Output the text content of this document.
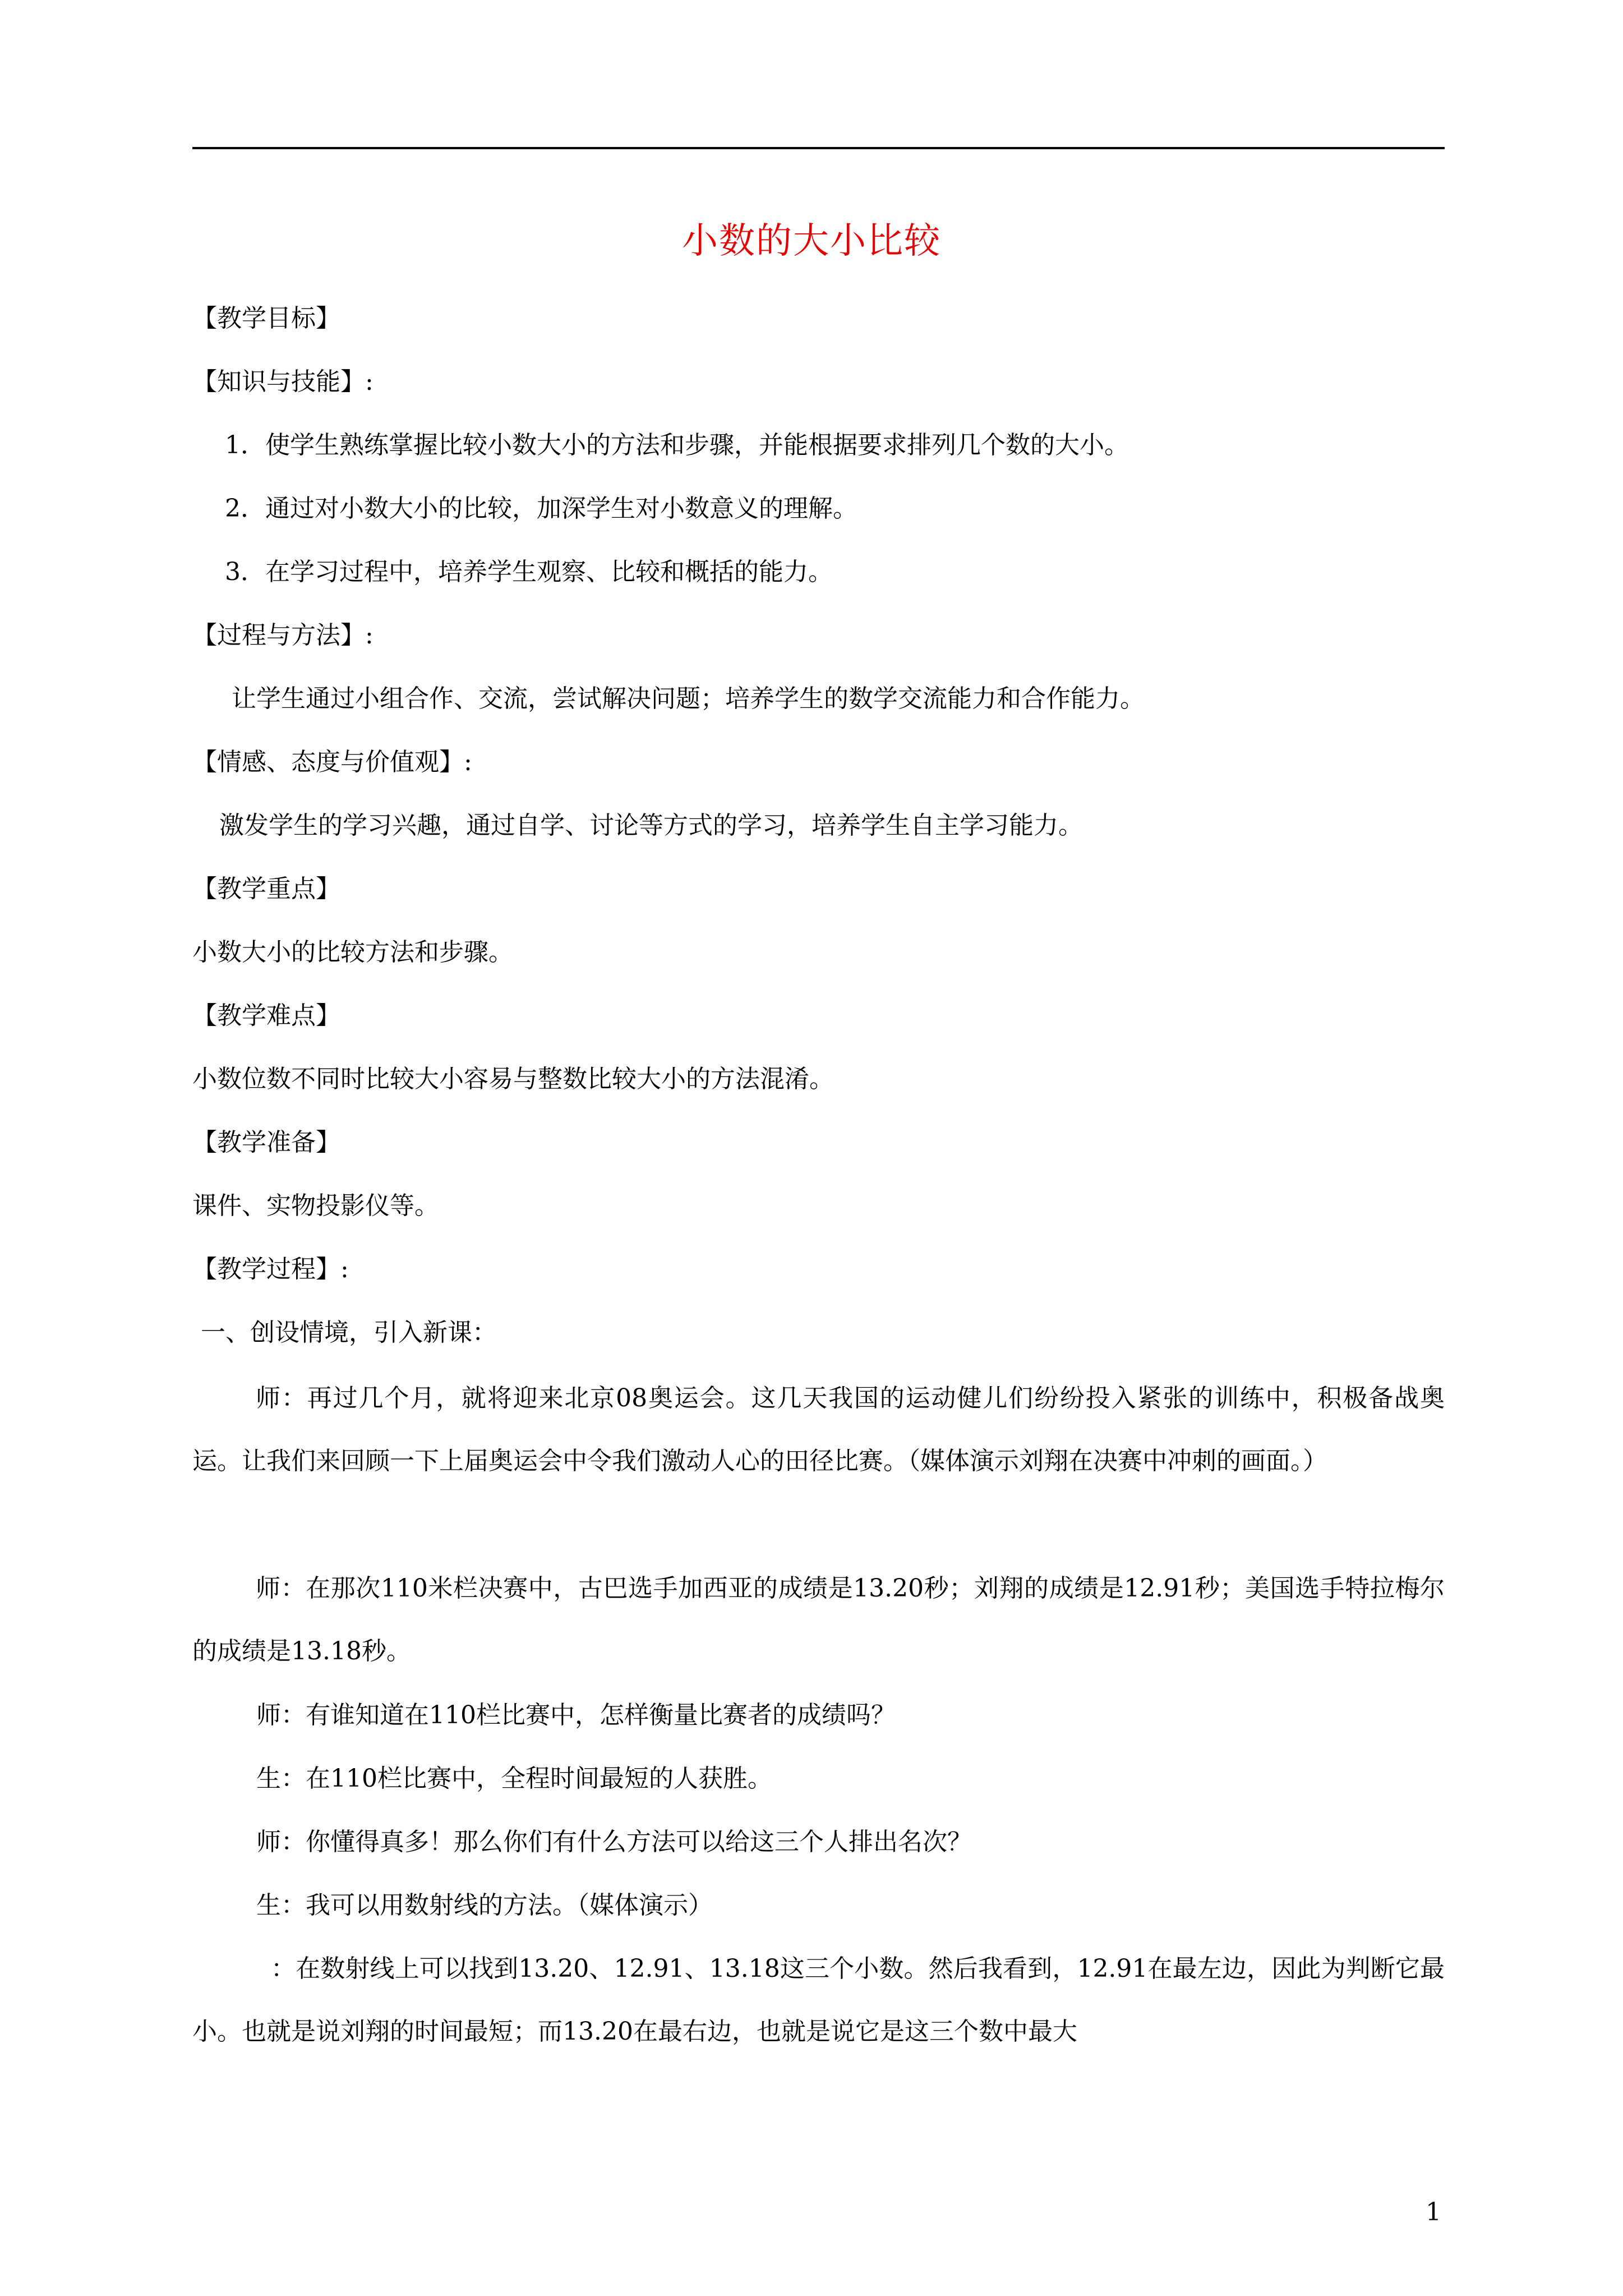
小数的大小比较
【教学目标】
【知识与技能】:
1．使学生熟练掌握比较小数大小的方法和步骤，并能根据要求排列几个数的大小。
2．通过对小数大小的比较，加深学生对小数意义的理解。
3．在学习过程中，培养学生观察、比较和概括的能力。
【过程与方法】:
让学生通过小组合作、交流，尝试解决问题；培养学生的数学交流能力和合作能力。
【情感、态度与价值观】:
激发学生的学习兴趣，通过自学、讨论等方式的学习，培养学生自主学习能力。
【教学重点】
小数大小的比较方法和步骤。
【教学难点】
小数位数不同时比较大小容易与整数比较大小的方法混淆。
【教学准备】
课件、实物投影仪等。
【教学过程】:
一、创设情境，引入新课：
师：再过几个月，就将迎来北京08奥运会。这几天我国的运动健儿们纷纷投入紧张的训练中，积极备战奥运。让我们来回顾一下上届奥运会中令我们激动人心的田径比赛。（媒体演示刘翔在决赛中冲刺的画面。）
师：在那次110米栏决赛中，古巴选手加西亚的成绩是13.20秒；刘翔的成绩是12.91秒；美国选手特拉梅尔的成绩是13.18秒。
师：有谁知道在110栏比赛中，怎样衡量比赛者的成绩吗？
生：在110栏比赛中，全程时间最短的人获胜。
师：你懂得真多！那么你们有什么方法可以给这三个人排出名次？
生：我可以用数射线的方法。（媒体演示）
：在数射线上可以找到13.20、12.91、13.18这三个小数。然后我看到，12.91在最左边，因此为判断它最小。也就是说刘翔的时间最短；而13.20在最右边，也就是说它是这三个数中最大
1
